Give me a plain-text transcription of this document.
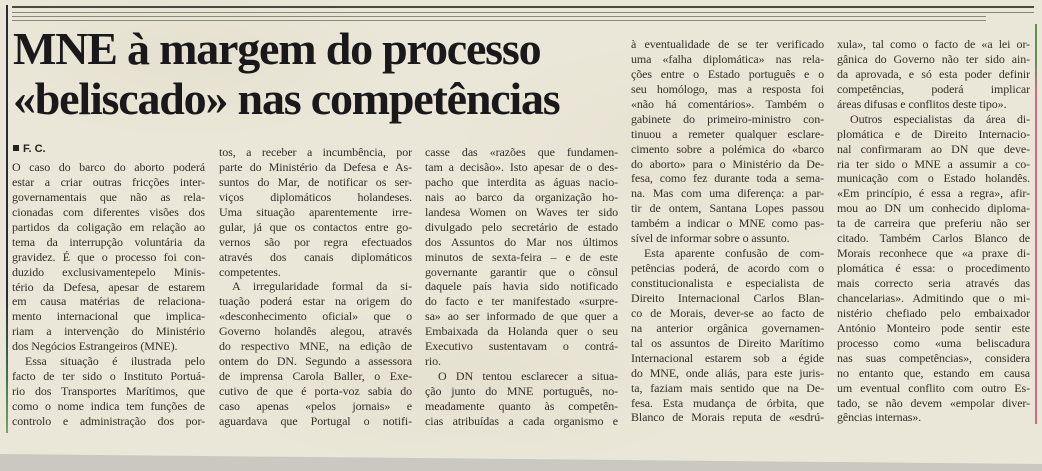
MNE à margem do processo
«beliscado» nas competências
F. C.
O caso do barco do aborto poderá
estar a criar outras fricções inter-
governamentais que não as rela-
cionadas com diferentes visões dos
partidos da coligação em relação ao
tema da interrupção voluntária da
gravidez. É que o processo foi con-
duzido exclusivamentepelo Minis-
tério da Defesa, apesar de estarem
em causa matérias de relaciona-
mento internacional que implica-
riam a intervenção do Ministério
dos Negócios Estrangeiros (MNE).
Essa situação é ilustrada pelo
facto de ter sido o Instituto Portuá-
rio dos Transportes Marítimos, que
como o nome indica tem funções de
controlo e administração dos por-
tos, a receber a incumbência, por
parte do Ministério da Defesa e As-
suntos do Mar, de notificar os ser-
viços diplomáticos holandeses.
Uma situação aparentemente irre-
gular, já que os contactos entre go-
vernos são por regra efectuados
através dos canais diplomáticos
competentes.
A irregularidade formal da si-
tuação poderá estar na origem do
«desconhecimento oficial» que o
Governo holandês alegou, através
do respectivo MNE, na edição de
ontem do DN. Segundo a assessora
de imprensa Carola Baller, o Exe-
cutivo de que é porta-voz sabia do
caso apenas «pelos jornais» e
aguardava que Portugal o notifi-
casse das «razões que fundamen-
tam a decisão». Isto apesar de o des-
pacho que interdita as águas nacio-
nais ao barco da organização ho-
landesa Women on Waves ter sido
divulgado pelo secretário de estado
dos Assuntos do Mar nos últimos
minutos de sexta-feira – e de este
governante garantir que o cônsul
daquele país havia sido notificado
do facto e ter manifestado «surpre-
sa» ao ser informado de que quer a
Embaixada da Holanda quer o seu
Executivo sustentavam o contrá-
rio.
O DN tentou esclarecer a situa-
ção junto do MNE português, no-
meadamente quanto às competên-
cias atribuídas a cada organismo e
à eventualidade de se ter verificado
uma «falha diplomática» nas rela-
ções entre o Estado português e o
seu homólogo, mas a resposta foi
«não há comentários». Também o
gabinete do primeiro-ministro con-
tinuou a remeter qualquer esclare-
cimento sobre a polémica do «barco
do aborto» para o Ministério da De-
fesa, como fez durante toda a sema-
na. Mas com uma diferença: a par-
tir de ontem, Santana Lopes passou
também a indicar o MNE como pas-
sível de informar sobre o assunto.
Esta aparente confusão de com-
petências poderá, de acordo com o
constitucionalista e especialista de
Direito Internacional Carlos Blan-
co de Morais, dever-se ao facto de
na anterior orgânica governamen-
tal os assuntos de Direito Marítimo
Internacional estarem sob a égide
do MNE, onde aliás, para este juris-
ta, faziam mais sentido que na De-
fesa. Esta mudança de órbita, que
Blanco de Morais reputa de «esdrú-
xula», tal como o facto de «a lei or-
gânica do Governo não ter sido ain-
da aprovada, e só esta poder definir
competências, poderá implicar
áreas difusas e conflitos deste tipo».
Outros especialistas da área di-
plomática e de Direito Internacio-
nal confirmaram ao DN que deve-
ria ter sido o MNE a assumir a co-
municação com o Estado holandês.
«Em princípio, é essa a regra», afir-
mou ao DN um conhecido diploma-
ta de carreira que preferiu não ser
citado. Também Carlos Blanco de
Morais reconhece que «a praxe di-
plomática é essa: o procedimento
mais correcto seria através das
chancelarias». Admitindo que o mi-
nistério chefiado pelo embaixador
António Monteiro pode sentir este
processo como «uma beliscadura
nas suas competências», considera
no entanto que, estando em causa
um eventual conflito com outro Es-
tado, se não devem «empolar diver-
gências internas».
